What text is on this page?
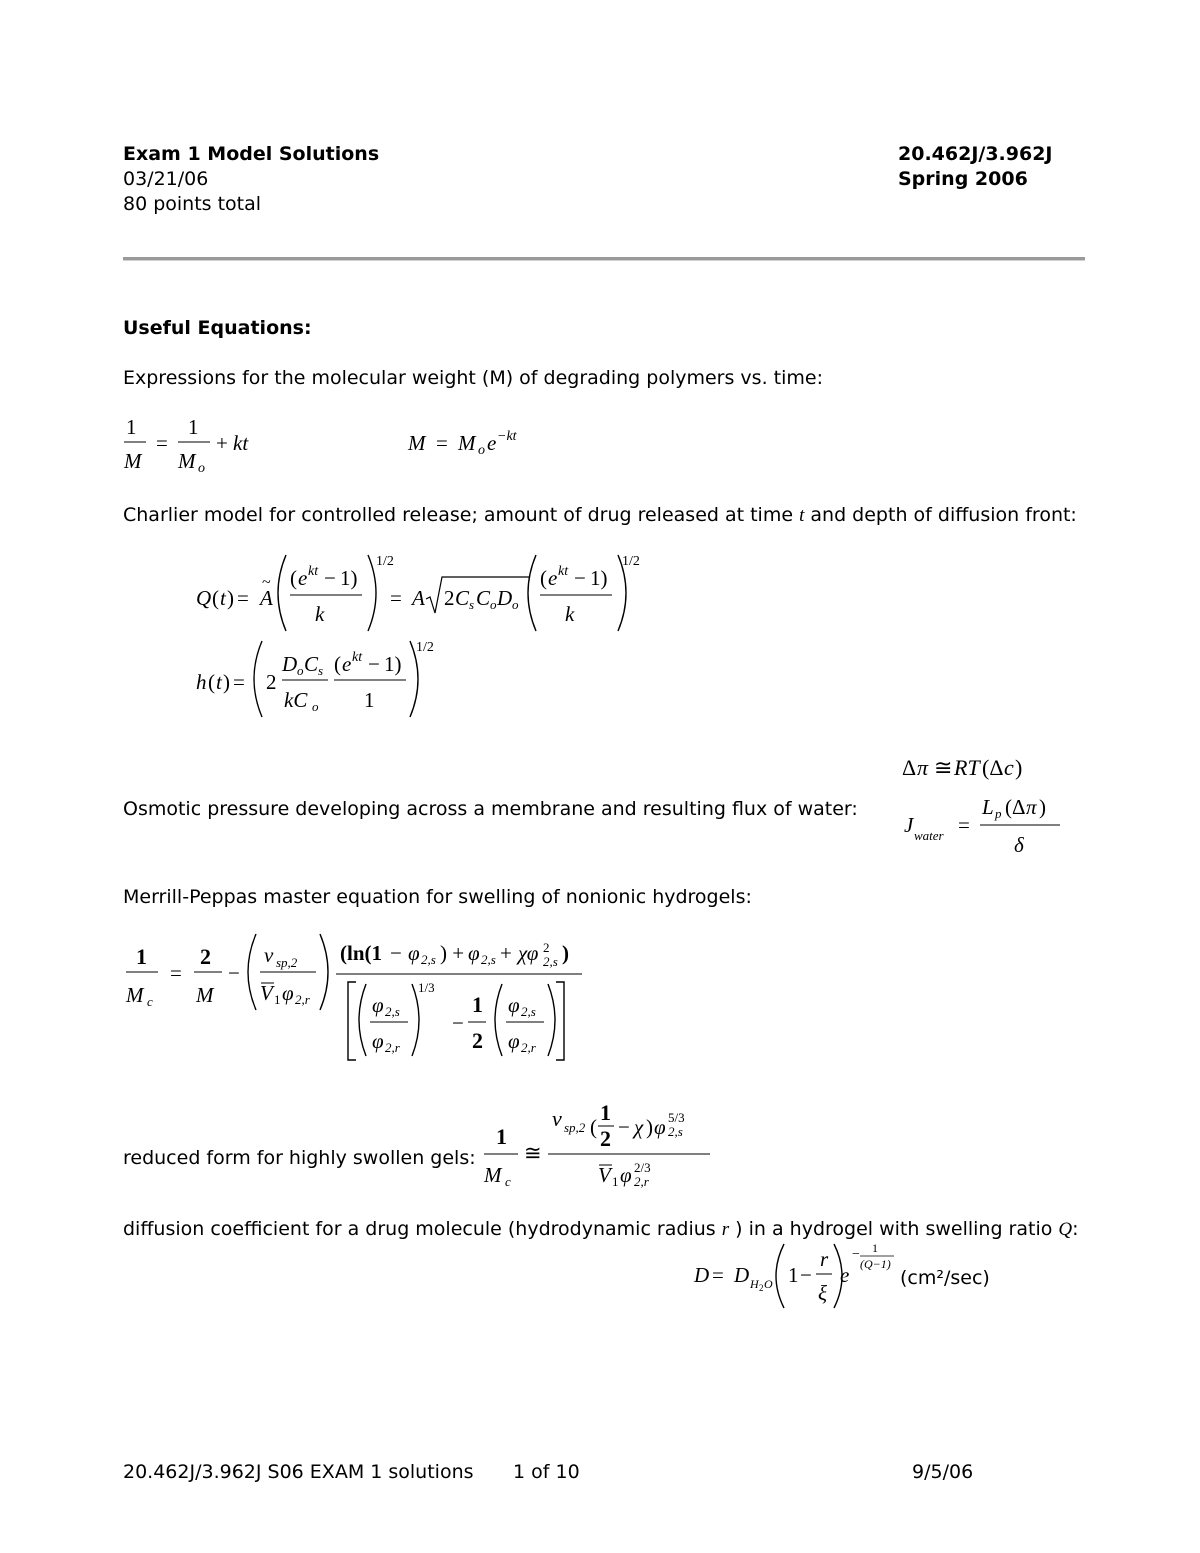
Exam 1 Model Solutions	20.462J/3.962J
03/21/06	Spring 2006
80 points total
Useful Equations:
Expressions for the molecular weight (M) of degrading polymers vs. time:
1
M
=
1
M o
+ kt	M = M o e −kt
Charlier model for controlled release; amount of drug released at time t and depth of diffusion front:
Q ( t ) = A
~ ( e kt − 1)
k
1/2
= A 2 C s C o D o
( e kt − 1)
k
1/2
h ( t ) = 2
D o C s
kC o
( e kt − 1)
1
1/2
Δ π ≅ RT (Δ c )
J water =
L p (Δ π )
δ
Osmotic pressure developing across a membrane and resulting flux of water:
Merrill-Peppas master equation for swelling of nonionic hydrogels:
1
M c
=
2
M
−
v sp,2
V 1 φ 2,r
(ln(1 − φ 2,s ) + φ 2,s + χφ 2
2,s )
φ 2,s
φ 2,r
1/3
−
1
2
φ 2,s
φ 2,r
reduced form for highly swollen gels:
1
M c
≅
v sp,2 (
1
2 − χ ) φ 5/3
2,s
V 1 φ 2/3
2,r
diffusion coefficient for a drug molecule (hydrodynamic radius r ) in a hydrogel with swelling ratio Q:
D = D H 2 O 1 −
r
ξ
e
− 1
(Q−1)
(cm²/sec)
20.462J/3.962J S06 EXAM 1 solutions 1 of 10	9/5/06
